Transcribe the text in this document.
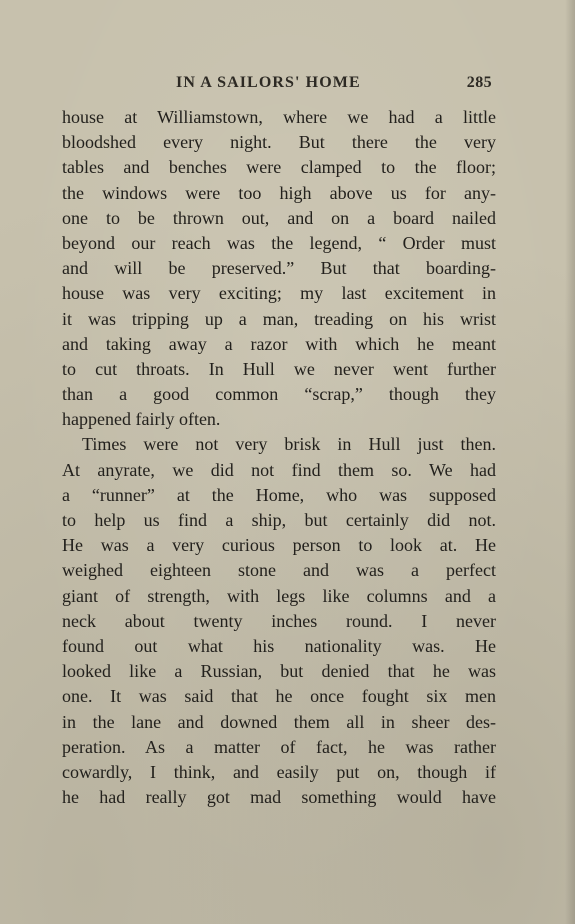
IN A SAILORS' HOME	285
house at Williamstown, where we had a little
bloodshed every night. But there the very
tables and benches were clamped to the floor;
the windows were too high above us for any-
one to be thrown out, and on a board nailed
beyond our reach was the legend, “ Order must
and will be preserved.” But that boarding-
house was very exciting; my last excitement in
it was tripping up a man, treading on his wrist
and taking away a razor with which he meant
to cut throats. In Hull we never went further
than a good common “scrap,” though they
happened fairly often.
Times were not very brisk in Hull just then.
At anyrate, we did not find them so. We had
a “runner” at the Home, who was supposed
to help us find a ship, but certainly did not.
He was a very curious person to look at. He
weighed eighteen stone and was a perfect
giant of strength, with legs like columns and a
neck about twenty inches round. I never
found out what his nationality was. He
looked like a Russian, but denied that he was
one. It was said that he once fought six men
in the lane and downed them all in sheer des-
peration. As a matter of fact, he was rather
cowardly, I think, and easily put on, though if
he had really got mad something would have
